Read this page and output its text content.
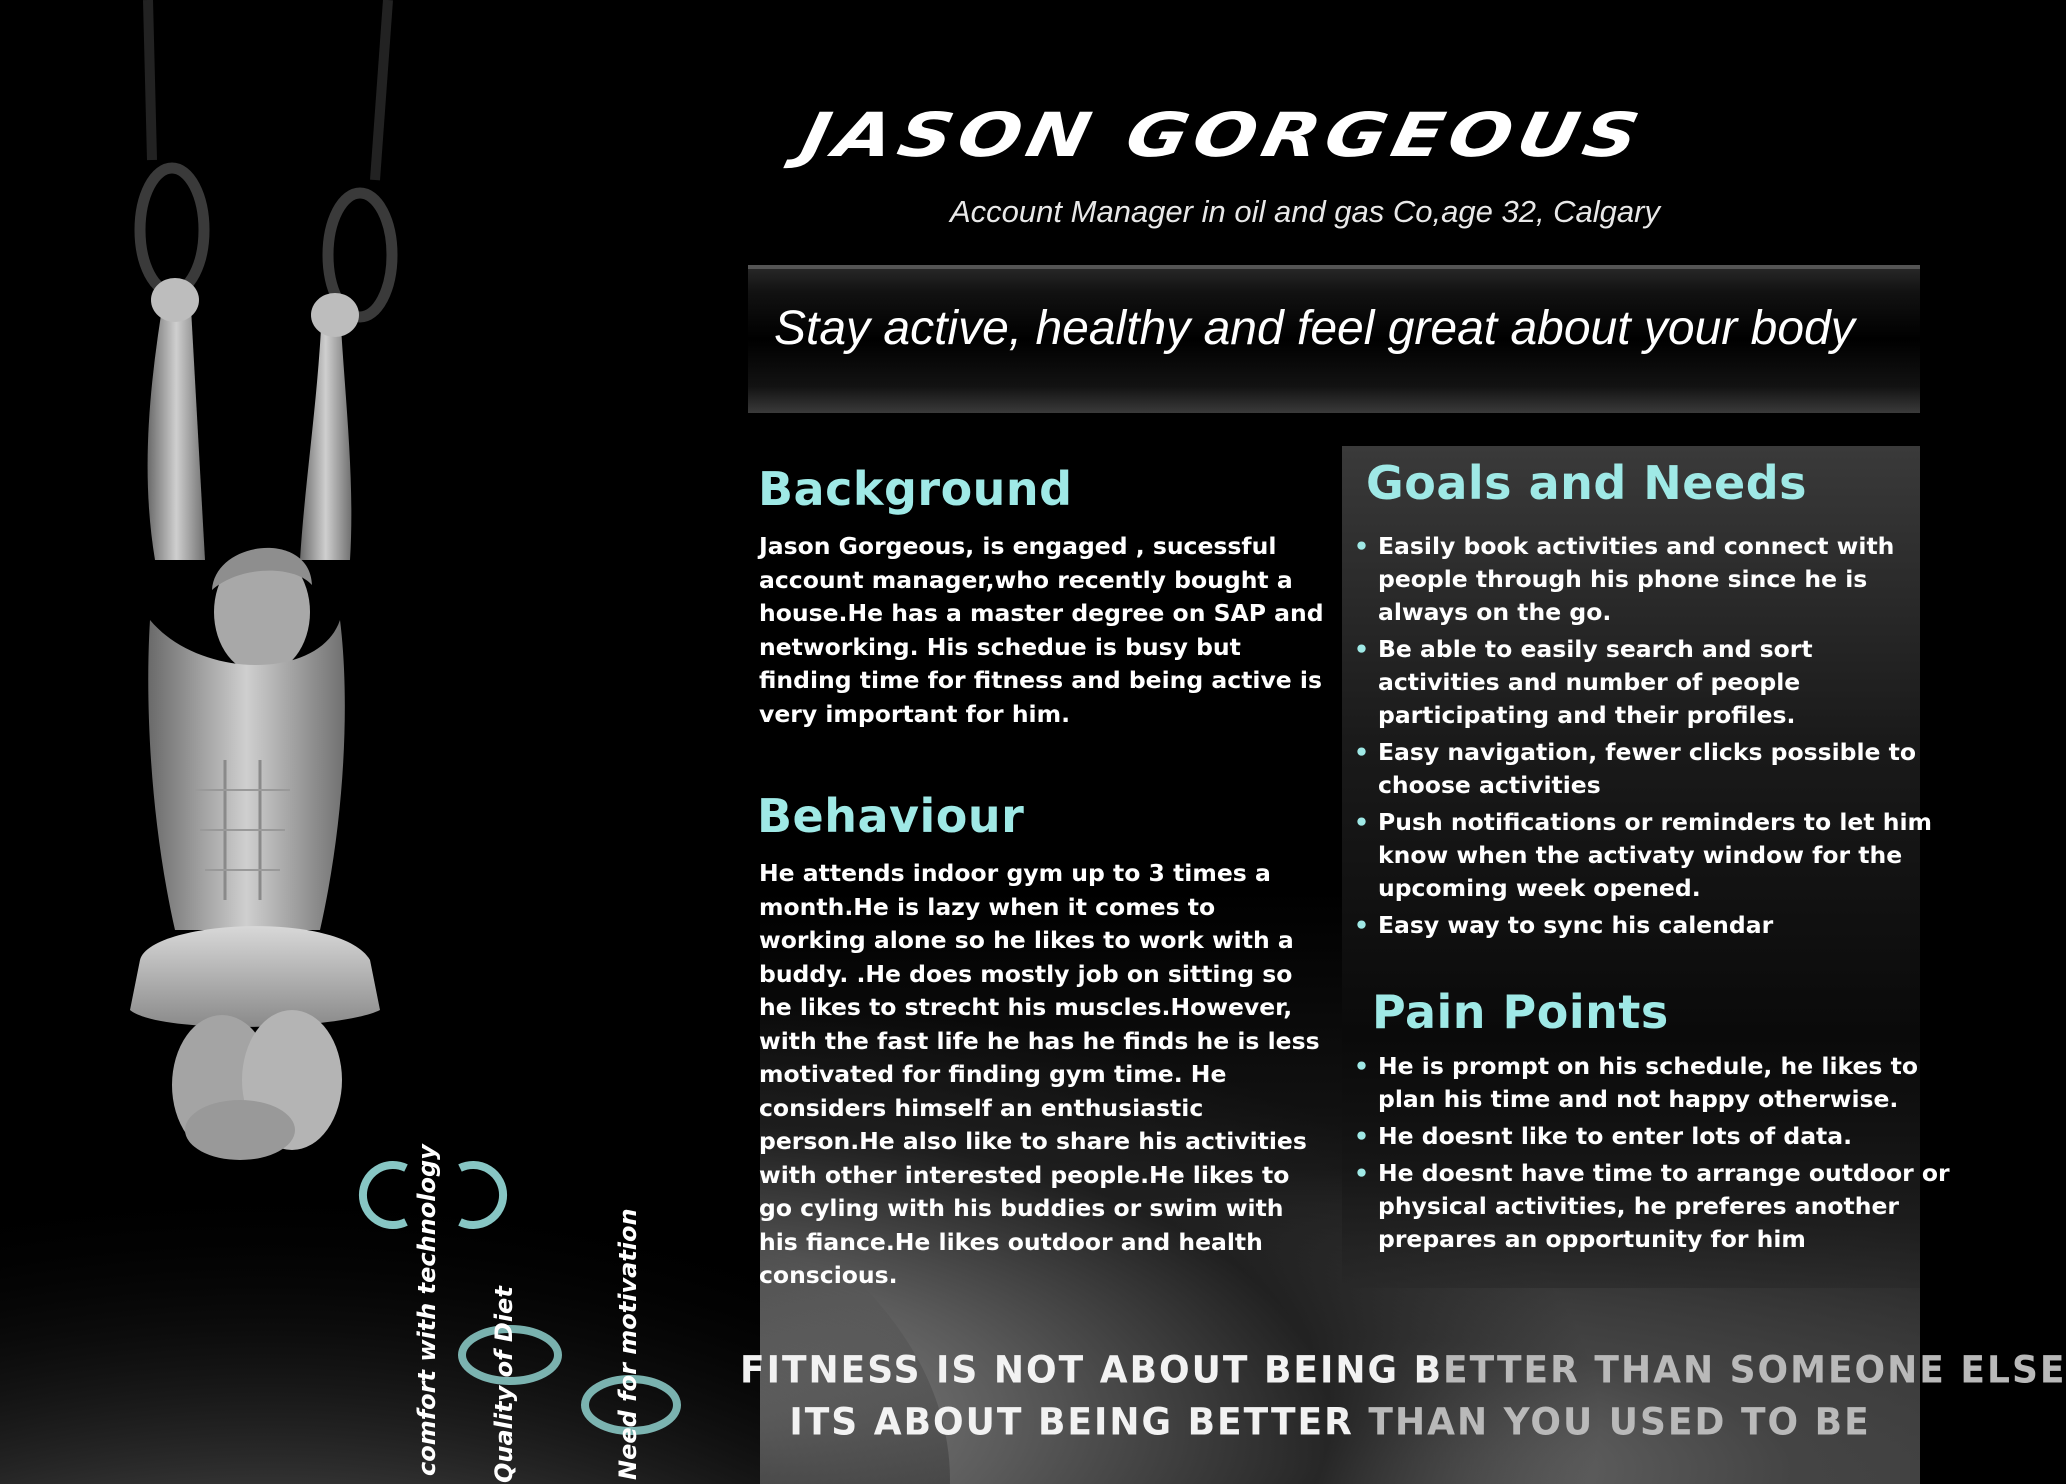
comfort with technology Quality of Diet	Need for motivation
JASON GORGEOUS
Account Manager in oil and gas Co,age 32, Calgary
Stay active, healthy and feel great about your body
Background
Jason Gorgeous, is engaged , sucessful
account manager,who recently bought a
house.He has a master degree on SAP and
networking. His schedue is busy but
finding time for fitness and being active is
very important for him.
Behaviour
He attends indoor gym up to 3 times a
month.He is lazy when it comes to
working alone so he likes to work with a
buddy. .He does mostly job on sitting so
he likes to strecht his muscles.However,
with the fast life he has he finds he is less
motivated for finding gym time. He
considers himself an enthusiastic
person.He also like to share his activities
with other interested people.He likes to
go cyling with his buddies or swim with
his fiance.He likes outdoor and health
conscious.
Goals and Needs
• Easily book activities and connect with
people through his phone since he is
always on the go.
• Be able to easily search and sort
activities and number of people
participating and their profiles.
• Easy navigation, fewer clicks possible to
choose activities
• Push notifications or reminders to let him
know when the activaty window for the
upcoming week opened.
• Easy way to sync his calendar
Pain Points
• He is prompt on his schedule, he likes to
plan his time and not happy otherwise.
• He doesnt like to enter lots of data.
• He doesnt have time to arrange outdoor or
physical activities, he preferes another
prepares an opportunity for him
FITNESS IS NOT ABOUT BEING BETTER THAN SOMEONE ELSE
ITS ABOUT BEING BETTER THAN YOU USED TO BE
